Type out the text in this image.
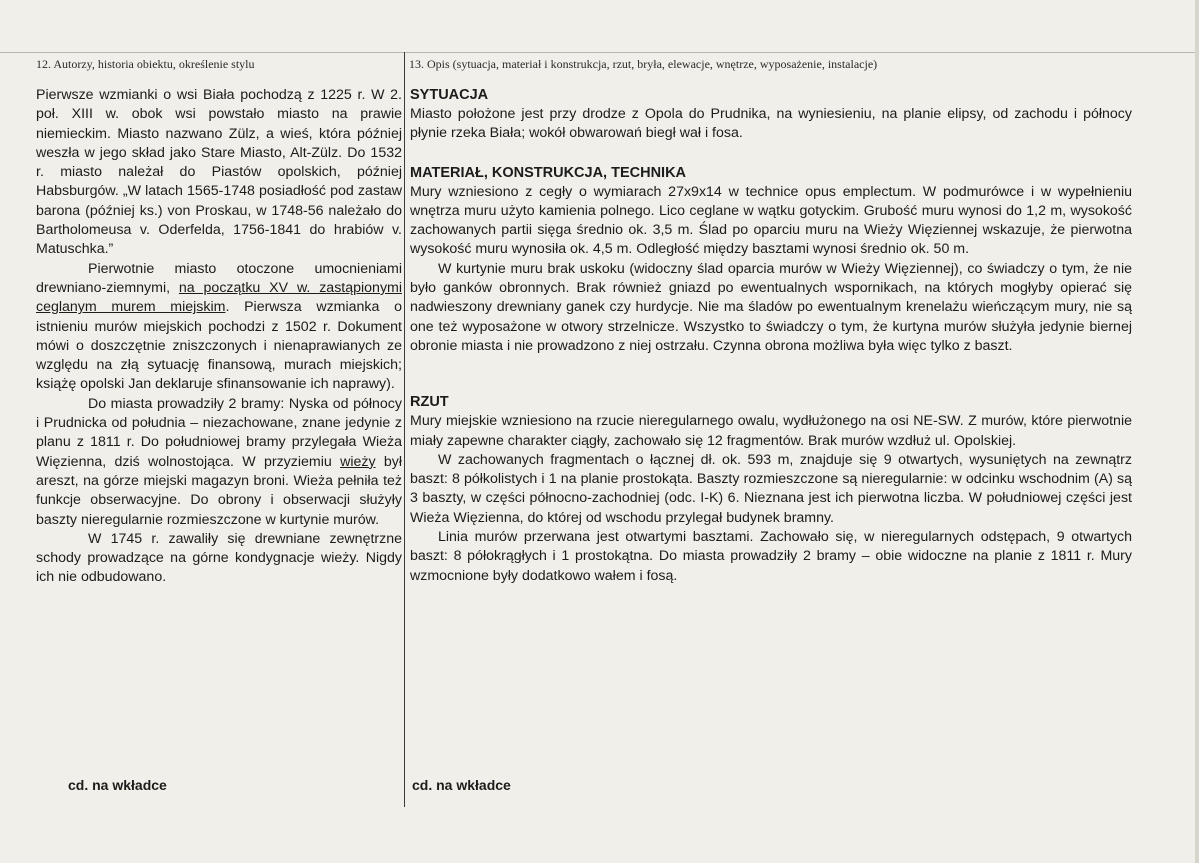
12. Autorzy, historia obiektu, określenie stylu	13. Opis (sytuacja, materiał i konstrukcja, rzut, bryła, elewacje, wnętrze, wyposażenie, instalacje)

Pierwsze wzmianki o wsi Biała pochodzą z 1225 r. W 2. poł. XIII w. obok wsi powstało miasto na prawie niemieckim. Miasto nazwano Zülz, a wieś, która później weszła w jego skład jako Stare Miasto, Alt-Zülz. Do 1532 r. miasto należał do Piastów opolskich, później Habsburgów. „W latach 1565-1748 posiadłość pod zastaw barona (później ks.) von Proskau, w 1748-56 należało do Bartholomeusa v. Oderfelda, 1756-1841 do hrabiów v. Matuschka.”

Pierwotnie miasto otoczone umocnieniami drewniano-ziemnymi, na początku XV w. zastąpionymi ceglanym murem miejskim. Pierwsza wzmianka o istnieniu murów miejskich pochodzi z 1502 r. Dokument mówi o doszczętnie zniszczonych i nienaprawianych ze względu na złą sytuację finansową, murach miejskich; książę opolski Jan deklaruje sfinansowanie ich naprawy).

Do miasta prowadziły 2 bramy: Nyska od północy i Prudnicka od południa – niezachowane, znane jedynie z planu z 1811 r. Do południowej bramy przylegała Wieża Więzienna, dziś wolnostojąca. W przyziemiu wieży był areszt, na górze miejski magazyn broni. Wieża pełniła też funkcje obserwacyjne. Do obrony i obserwacji służyły baszty nieregularnie rozmieszczone w kurtynie murów.

W 1745 r. zawaliły się drewniane zewnętrzne schody prowadzące na górne kondygnacje wieży. Nigdy ich nie odbudowano.

SYTUACJA

Miasto położone jest przy drodze z Opola do Prudnika, na wyniesieniu, na planie elipsy, od zachodu i północy płynie rzeka Biała; wokół obwarowań biegł wał i fosa.

MATERIAŁ, KONSTRUKCJA, TECHNIKA

Mury wzniesiono z cegły o wymiarach 27x9x14 w technice opus emplectum. W podmurówce i w wypełnieniu wnętrza muru użyto kamienia polnego. Lico ceglane w wątku gotyckim. Grubość muru wynosi do 1,2 m, wysokość zachowanych partii sięga średnio ok. 3,5 m. Ślad po oparciu muru na Wieży Więziennej wskazuje, że pierwotna wysokość muru wynosiła ok. 4,5 m. Odległość między basztami wynosi średnio ok. 50 m.

W kurtynie muru brak uskoku (widoczny ślad oparcia murów w Wieży Więziennej), co świadczy o tym, że nie było ganków obronnych. Brak również gniazd po ewentualnych wspornikach, na których mogłyby opierać się nadwieszony drewniany ganek czy hurdycje. Nie ma śladów po ewentualnym krenelażu wieńczącym mury, nie są one też wyposażone w otwory strzelnicze. Wszystko to świadczy o tym, że kurtyna murów służyła jedynie biernej obronie miasta i nie prowadzono z niej ostrzału. Czynna obrona możliwa była więc tylko z baszt.

RZUT

Mury miejskie wzniesiono na rzucie nieregularnego owalu, wydłużonego na osi NE-SW. Z murów, które pierwotnie miały zapewne charakter ciągły, zachowało się 12 fragmentów. Brak murów wzdłuż ul. Opolskiej.

W zachowanych fragmentach o łącznej dł. ok. 593 m, znajduje się 9 otwartych, wysuniętych na zewnątrz baszt: 8 półkolistych i 1 na planie prostokąta. Baszty rozmieszczone są nieregularnie: w odcinku wschodnim (A) są 3 baszty, w części północno-zachodniej (odc. I-K) 6. Nieznana jest ich pierwotna liczba. W południowej części jest Wieża Więzienna, do której od wschodu przylegał budynek bramny.

Linia murów przerwana jest otwartymi basztami. Zachowało się, w nieregularnych odstępach, 9 otwartych baszt: 8 półokrągłych i 1 prostokątna. Do miasta prowadziły 2 bramy – obie widoczne na planie z 1811 r. Mury wzmocnione były dodatkowo wałem i fosą.

cd. na wkładce	cd. na wkładce
